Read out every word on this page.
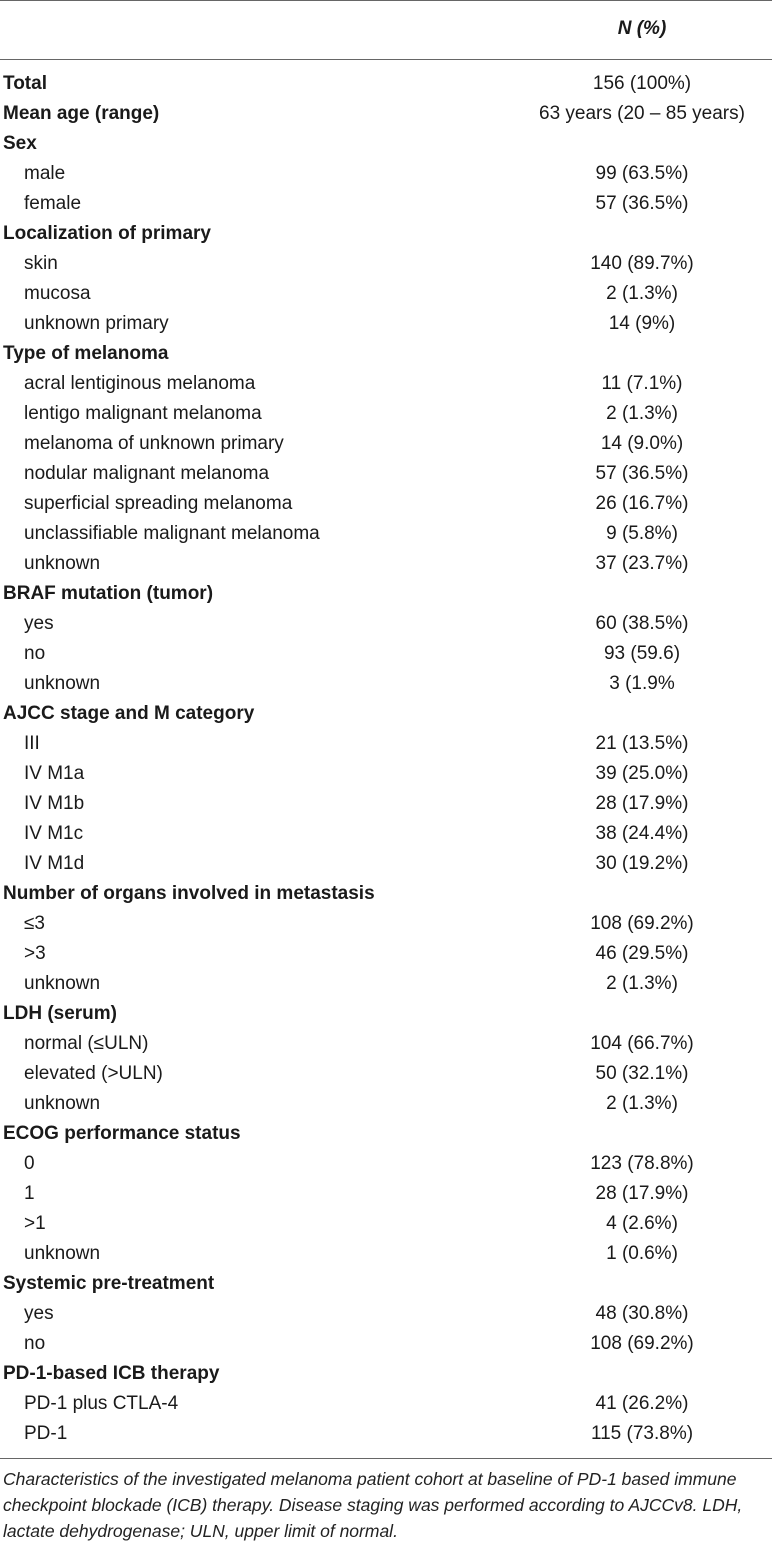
N (%)
Total	156 (100%)
Mean age (range)	63 years (20 – 85 years)
Sex
male	99 (63.5%)
female	57 (36.5%)
Localization of primary
skin	140 (89.7%)
mucosa	2 (1.3%)
unknown primary	14 (9%)
Type of melanoma
acral lentiginous melanoma	11 (7.1%)
lentigo malignant melanoma	2 (1.3%)
melanoma of unknown primary	14 (9.0%)
nodular malignant melanoma	57 (36.5%)
superficial spreading melanoma	26 (16.7%)
unclassifiable malignant melanoma	9 (5.8%)
unknown	37 (23.7%)
BRAF mutation (tumor)
yes	60 (38.5%)
no	93 (59.6)
unknown	3 (1.9%
AJCC stage and M category
III	21 (13.5%)
IV M1a	39 (25.0%)
IV M1b	28 (17.9%)
IV M1c	38 (24.4%)
IV M1d	30 (19.2%)
Number of organs involved in metastasis
≤3	108 (69.2%)
>3	46 (29.5%)
unknown	2 (1.3%)
LDH (serum)
normal (≤ULN)	104 (66.7%)
elevated (>ULN)	50 (32.1%)
unknown	2 (1.3%)
ECOG performance status
0	123 (78.8%)
1	28 (17.9%)
>1	4 (2.6%)
unknown	1 (0.6%)
Systemic pre-treatment
yes	48 (30.8%)
no	108 (69.2%)
PD-1-based ICB therapy
PD-1 plus CTLA-4	41 (26.2%)
PD-1	115 (73.8%)
Characteristics of the investigated melanoma patient cohort at baseline of PD-1 based immune checkpoint blockade (ICB) therapy. Disease staging was performed according to AJCCv8. LDH, lactate dehydrogenase; ULN, upper limit of normal.
